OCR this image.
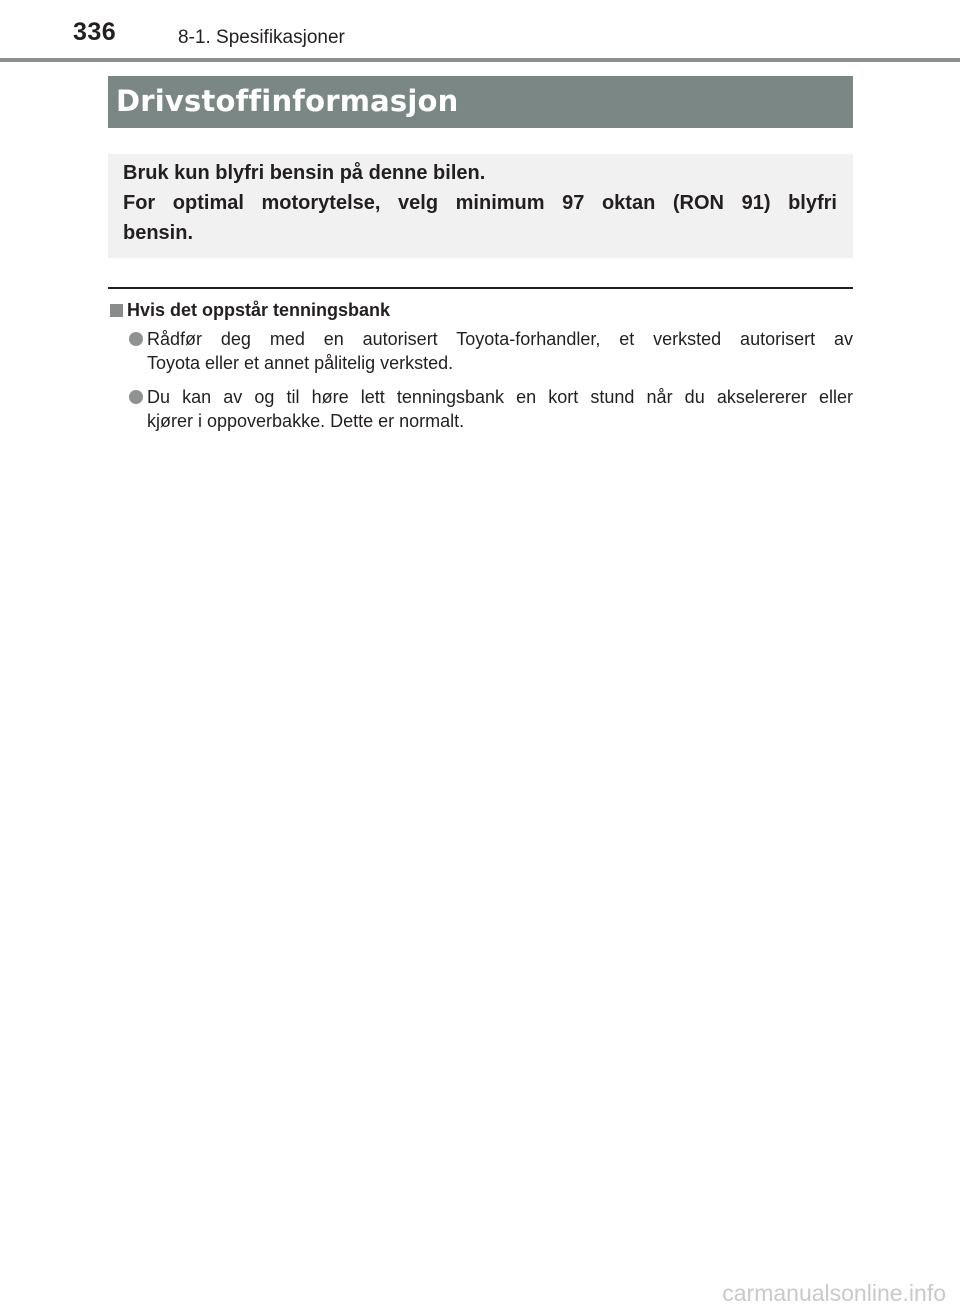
336	8-1. Spesifikasjoner
Drivstoffinformasjon
Bruk kun blyfri bensin på denne bilen.
For optimal motorytelse, velg minimum 97 oktan (RON 91) blyfri
bensin.
Hvis det oppstår tenningsbank
Rådfør deg med en autorisert Toyota-forhandler, et verksted autorisert av
Toyota eller et annet pålitelig verksted.
Du kan av og til høre lett tenningsbank en kort stund når du akselererer eller
kjører i oppoverbakke. Dette er normalt.
carmanualsonline.info
